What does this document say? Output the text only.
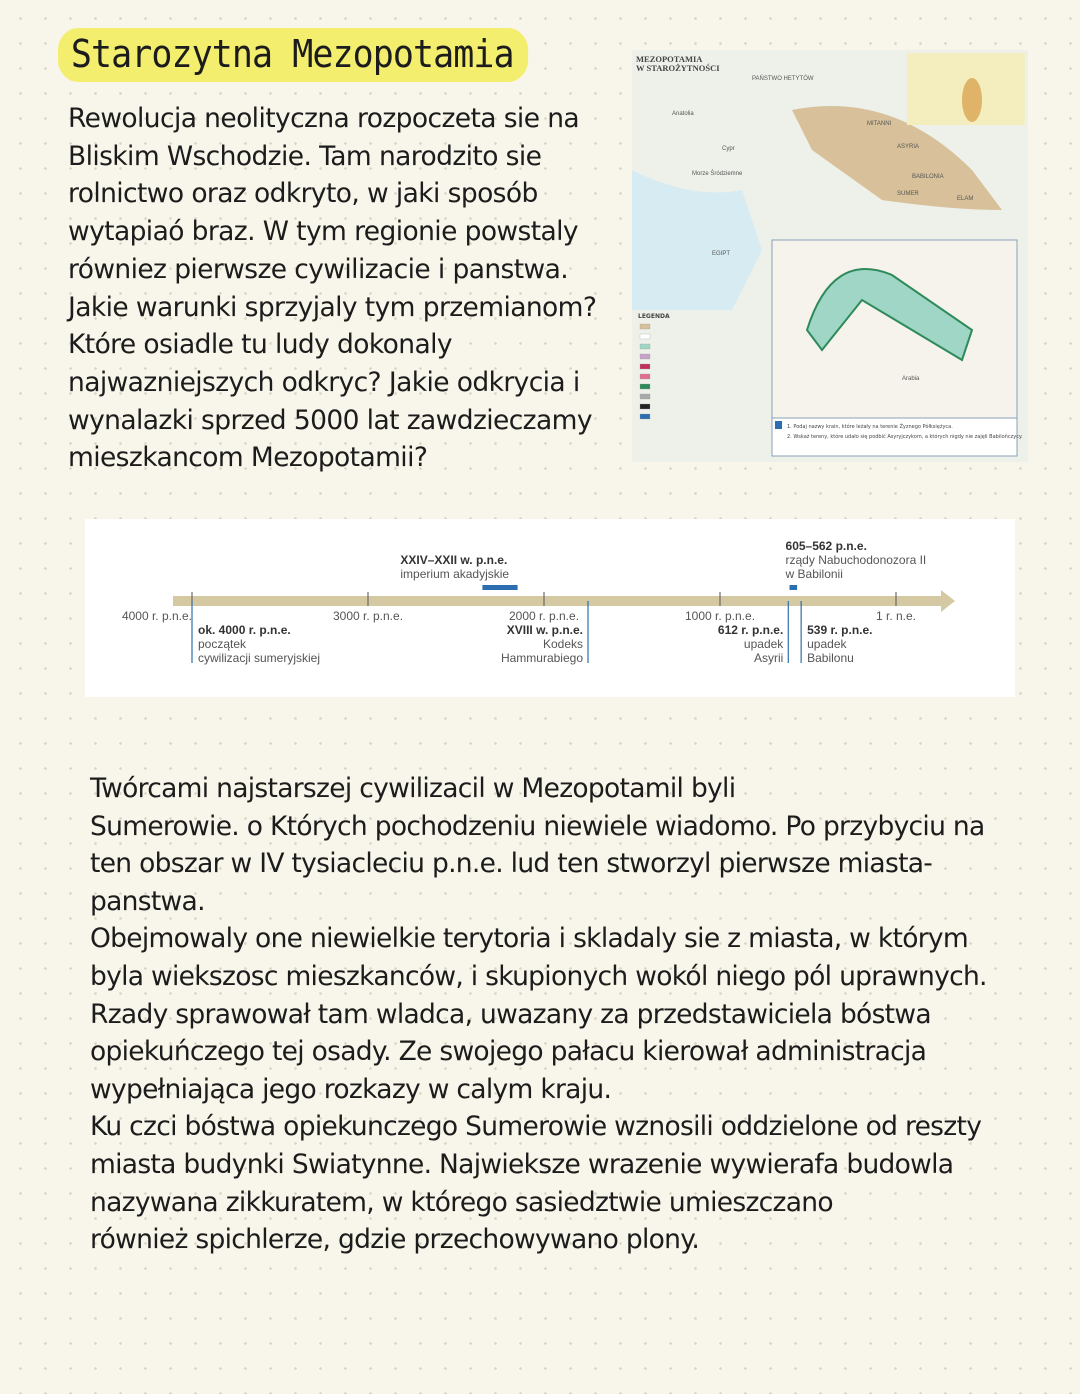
Starozytna Mezopotamia
Rewolucja neolityczna rozpoczeta sie na
Bliskim Wschodzie. Tam narodzito sie
rolnictwo oraz odkryto, w jaki sposób
wytapiaó braz. W tym regionie powstaly
równiez pierwsze cywilizacie i panstwa.
Jakie warunki sprzyjaly tym przemianom?
Które osiadle tu ludy dokonaly
najwazniejszych odkryc? Jakie odkrycia i
wynalazki sprzed 5000 lat zawdzieczamy
mieszkancom Mezopotamii?
MEZOPOTAMIA
W STAROŻYTNOŚCI
PAŃSTWO HETYTÓW
Anatolia
MITANNI
ASYRIA
BABILONIA
SUMER
ELAM
Morze Śródziemne
EGIPT
Arabia
Cypr
LEGENDA
1. Podaj nazwy krain, które leżały na terenie Żyznego Półksiężyca.
2. Wskaż tereny, które udało się podbić Asyryjczykom, a których nigdy nie zajęli Babilończycy.
4000 r. p.n.e.	3000 r. p.n.e.	2000 r. p.n.e.	1000 r. p.n.e.	1 r. n.e.
ok. 4000 r. p.n.e.
początek
cywilizacji sumeryjskiej
XVIII w. p.n.e.
Kodeks
Hammurabiego
612 r. p.n.e.
upadek
Asyrii
539 r. p.n.e.
upadek
Babilonu
XXIV–XXII w. p.n.e.
imperium akadyjskie
605–562 p.n.e.
rządy Nabuchodonozora II
w Babilonii
Twórcami najstarszej cywilizacil w Mezopotamil byli
Sumerowie. o Których pochodzeniu niewiele wiadomo. Po przybyciu na
ten obszar w IV tysiacleciu p.n.e. lud ten stworzyl pierwsze miasta-
panstwa.
Obejmowaly one niewielkie terytoria i skladaly sie z miasta, w którym
byla wiekszosc mieszkanców, i skupionych wokól niego pól uprawnych.
Rzady sprawował tam wladca, uwazany za przedstawiciela bóstwa
opiekuńczego tej osady. Ze swojego pałacu kierował administracja
wypełniająca jego rozkazy w calym kraju.
Ku czci bóstwa opiekunczego Sumerowie wznosili oddzielone od reszty
miasta budynki Swiatynne. Najwieksze wrazenie wywierafa budowla
nazywana zikkuratem, w którego sasiedztwie umieszczano
również spichlerze, gdzie przechowywano plony.
